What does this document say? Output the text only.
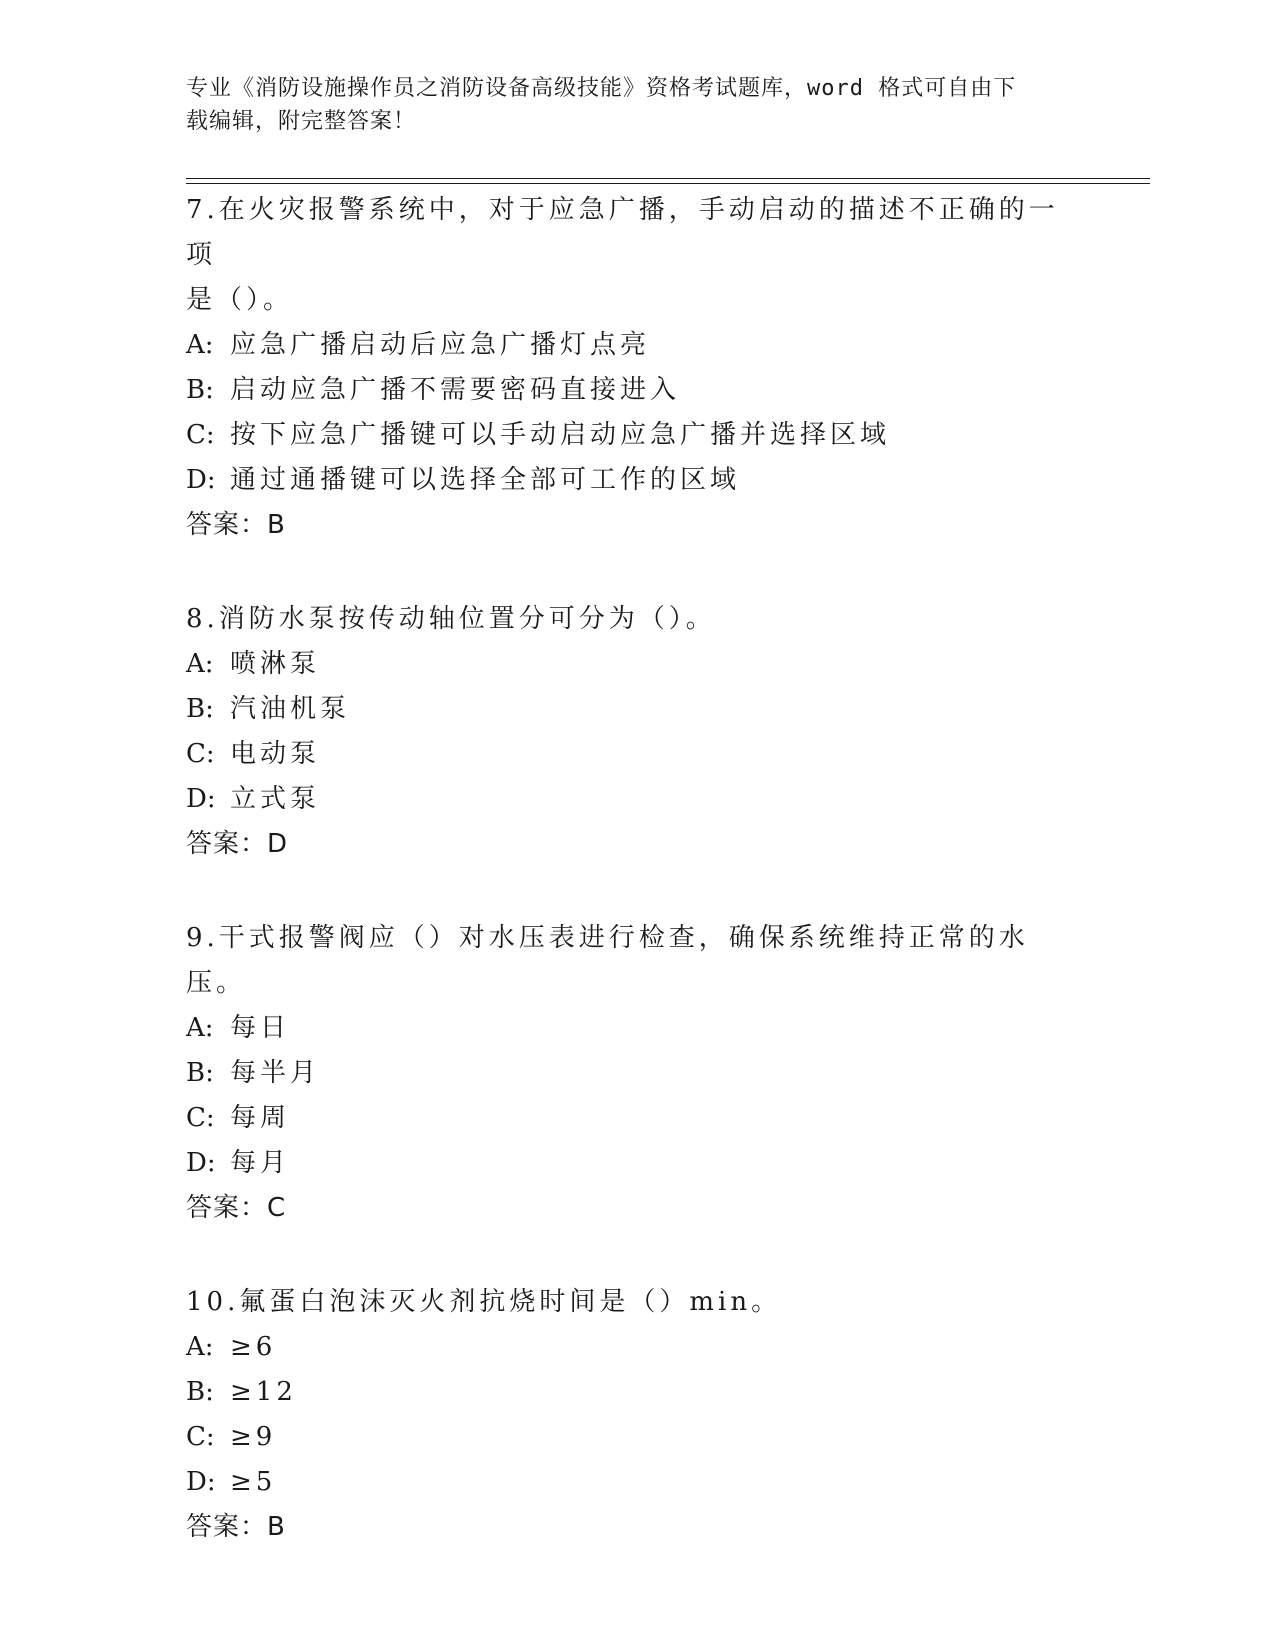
专业《消防设施操作员之消防设备高级技能》资格考试题库，word 格式可自由下
载编辑，附完整答案！

7.在火灾报警系统中，对于应急广播，手动启动的描述不正确的一项

是（）。

A: 应急广播启动后应急广播灯点亮
B: 启动应急广播不需要密码直接进入
C: 按下应急广播键可以手动启动应急广播并选择区域
D: 通过通播键可以选择全部可工作的区域

答案：B

8.消防水泵按传动轴位置分可分为（）。

A: 喷淋泵
B: 汽油机泵
C: 电动泵
D: 立式泵

答案：D

9.干式报警阀应（）对水压表进行检查，确保系统维持正常的水压。

A: 每日
B: 每半月
C: 每周
D: 每月

答案：C

10.氟蛋白泡沫灭火剂抗烧时间是（）min。

A: ≥6
B: ≥12
C: ≥9
D: ≥5

答案：B
